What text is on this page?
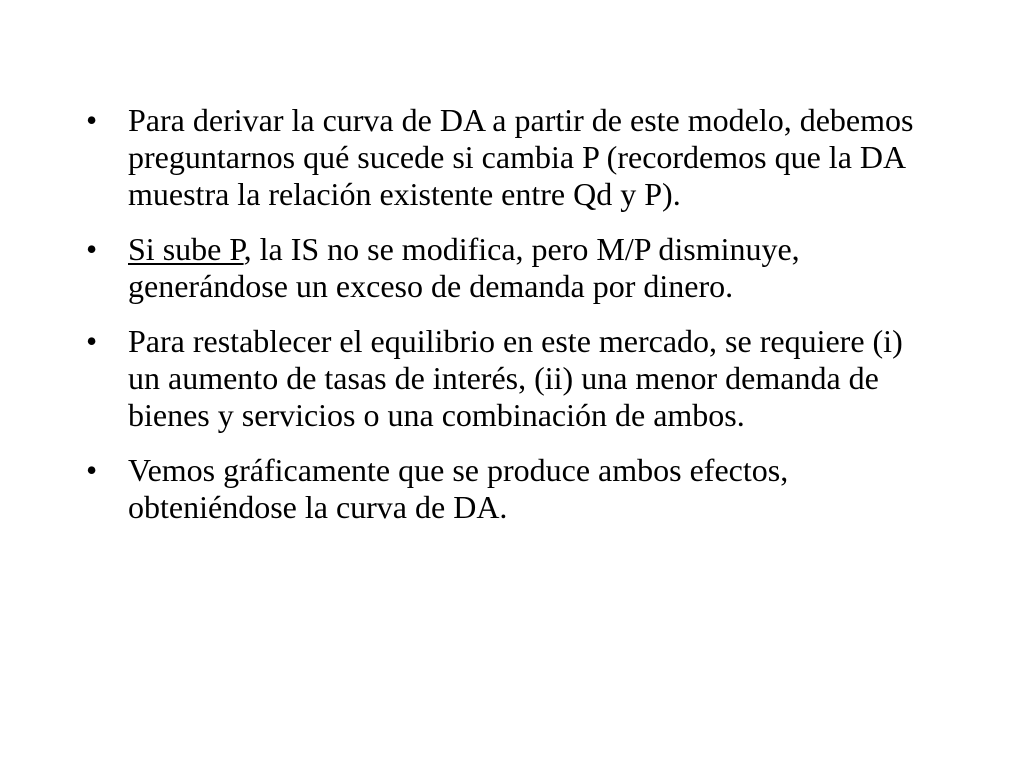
• Para derivar la curva de DA a partir de este modelo, debemos preguntarnos qué sucede si cambia P (recordemos que la DA muestra la relación existente entre Qd y P).
• Si sube P, la IS no se modifica, pero M/P disminuye, generándose un exceso de demanda por dinero.
• Para restablecer el equilibrio en este mercado, se requiere (i) un aumento de tasas de interés, (ii) una menor demanda de bienes y servicios o una combinación de ambos.
• Vemos gráficamente que se produce ambos efectos, obteniéndose la curva de DA.
